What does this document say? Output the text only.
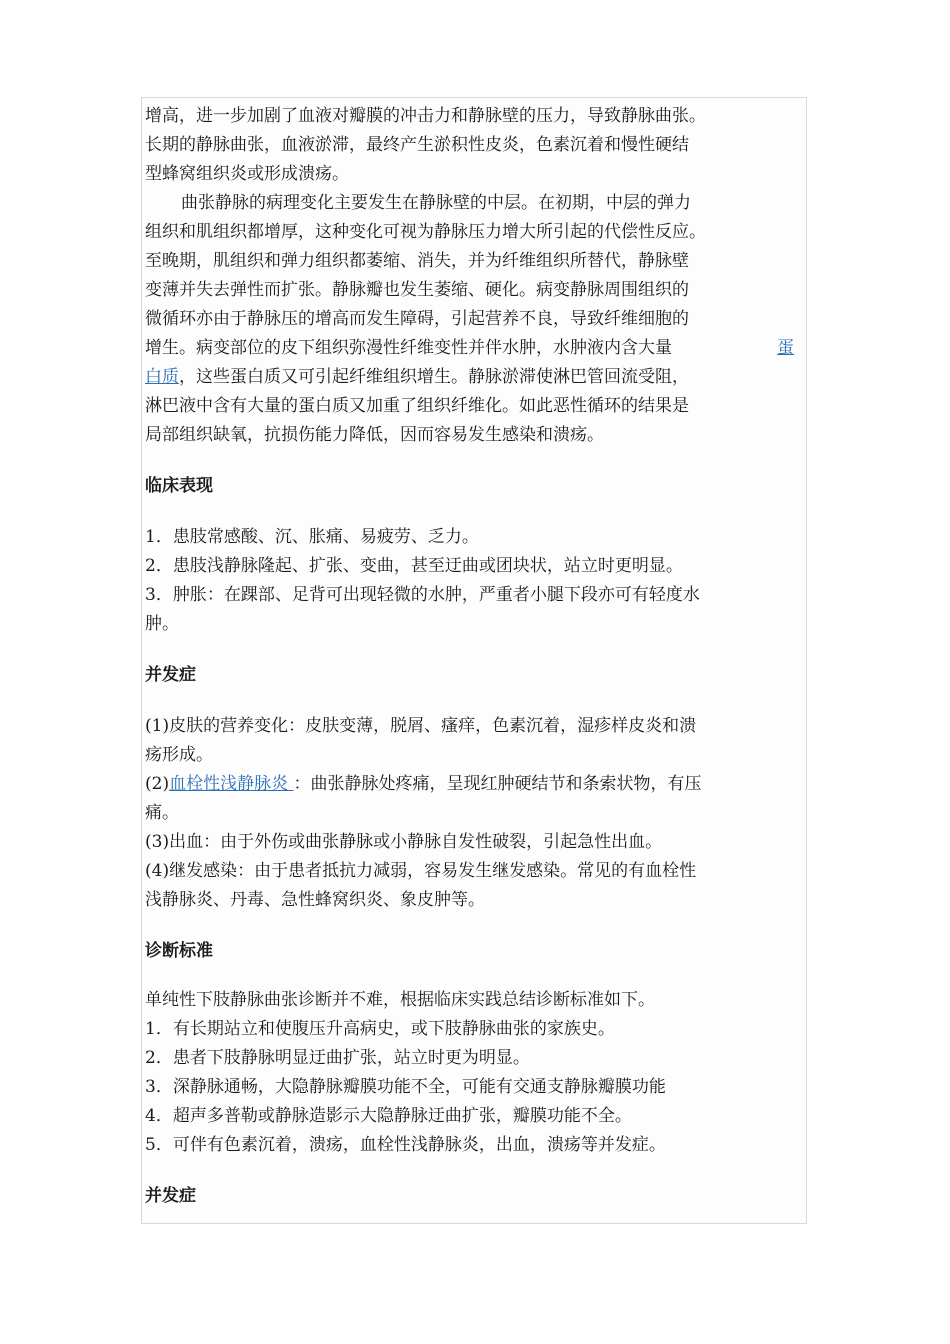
增高，进一步加剧了血液对瓣膜的冲击力和静脉壁的压力，导致静脉曲张。
长期的静脉曲张，血液淤滞，最终产生淤积性皮炎，色素沉着和慢性硬结
型蜂窝组织炎或形成溃疡。
曲张静脉的病理变化主要发生在静脉壁的中层。在初期，中层的弹力
组织和肌组织都增厚，这种变化可视为静脉压力增大所引起的代偿性反应。
至晚期，肌组织和弹力组织都萎缩、消失，并为纤维组织所替代，静脉壁
变薄并失去弹性而扩张。静脉瓣也发生萎缩、硬化。病变静脉周围组织的
微循环亦由于静脉压的增高而发生障碍，引起营养不良，导致纤维细胞的
增生。病变部位的皮下组织弥漫性纤维变性并伴水肿，水肿液内含大量	蛋
白质，这些蛋白质又可引起纤维组织增生。静脉淤滞使淋巴管回流受阻，
淋巴液中含有大量的蛋白质又加重了组织纤维化。如此恶性循环的结果是
局部组织缺氧，抗损伤能力降低，因而容易发生感染和溃疡。
临床表现
1．患肢常感酸、沉、胀痛、易疲劳、乏力。
2．患肢浅静脉隆起、扩张、变曲，甚至迂曲或团块状，站立时更明显。
3．肿胀：在踝部、足背可出现轻微的水肿，严重者小腿下段亦可有轻度水
肿。
并发症
(1)皮肤的营养变化：皮肤变薄，脱屑、瘙痒，色素沉着，湿疹样皮炎和溃
疡形成。
(2)血栓性浅静脉炎 ：曲张静脉处疼痛，呈现红肿硬结节和条索状物，有压
痛。
(3)出血：由于外伤或曲张静脉或小静脉自发性破裂，引起急性出血。
(4)继发感染：由于患者抵抗力减弱，容易发生继发感染。常见的有血栓性
浅静脉炎、丹毒、急性蜂窝织炎、象皮肿等。
诊断标准
单纯性下肢静脉曲张诊断并不难，根据临床实践总结诊断标准如下。
1．有长期站立和使腹压升高病史，或下肢静脉曲张的家族史。
2．患者下肢静脉明显迂曲扩张，站立时更为明显。
3．深静脉通畅，大隐静脉瓣膜功能不全，可能有交通支静脉瓣膜功能
4．超声多普勒或静脉造影示大隐静脉迂曲扩张，瓣膜功能不全。
5．可伴有色素沉着，溃疡，血栓性浅静脉炎，出血，溃疡等并发症。
并发症
